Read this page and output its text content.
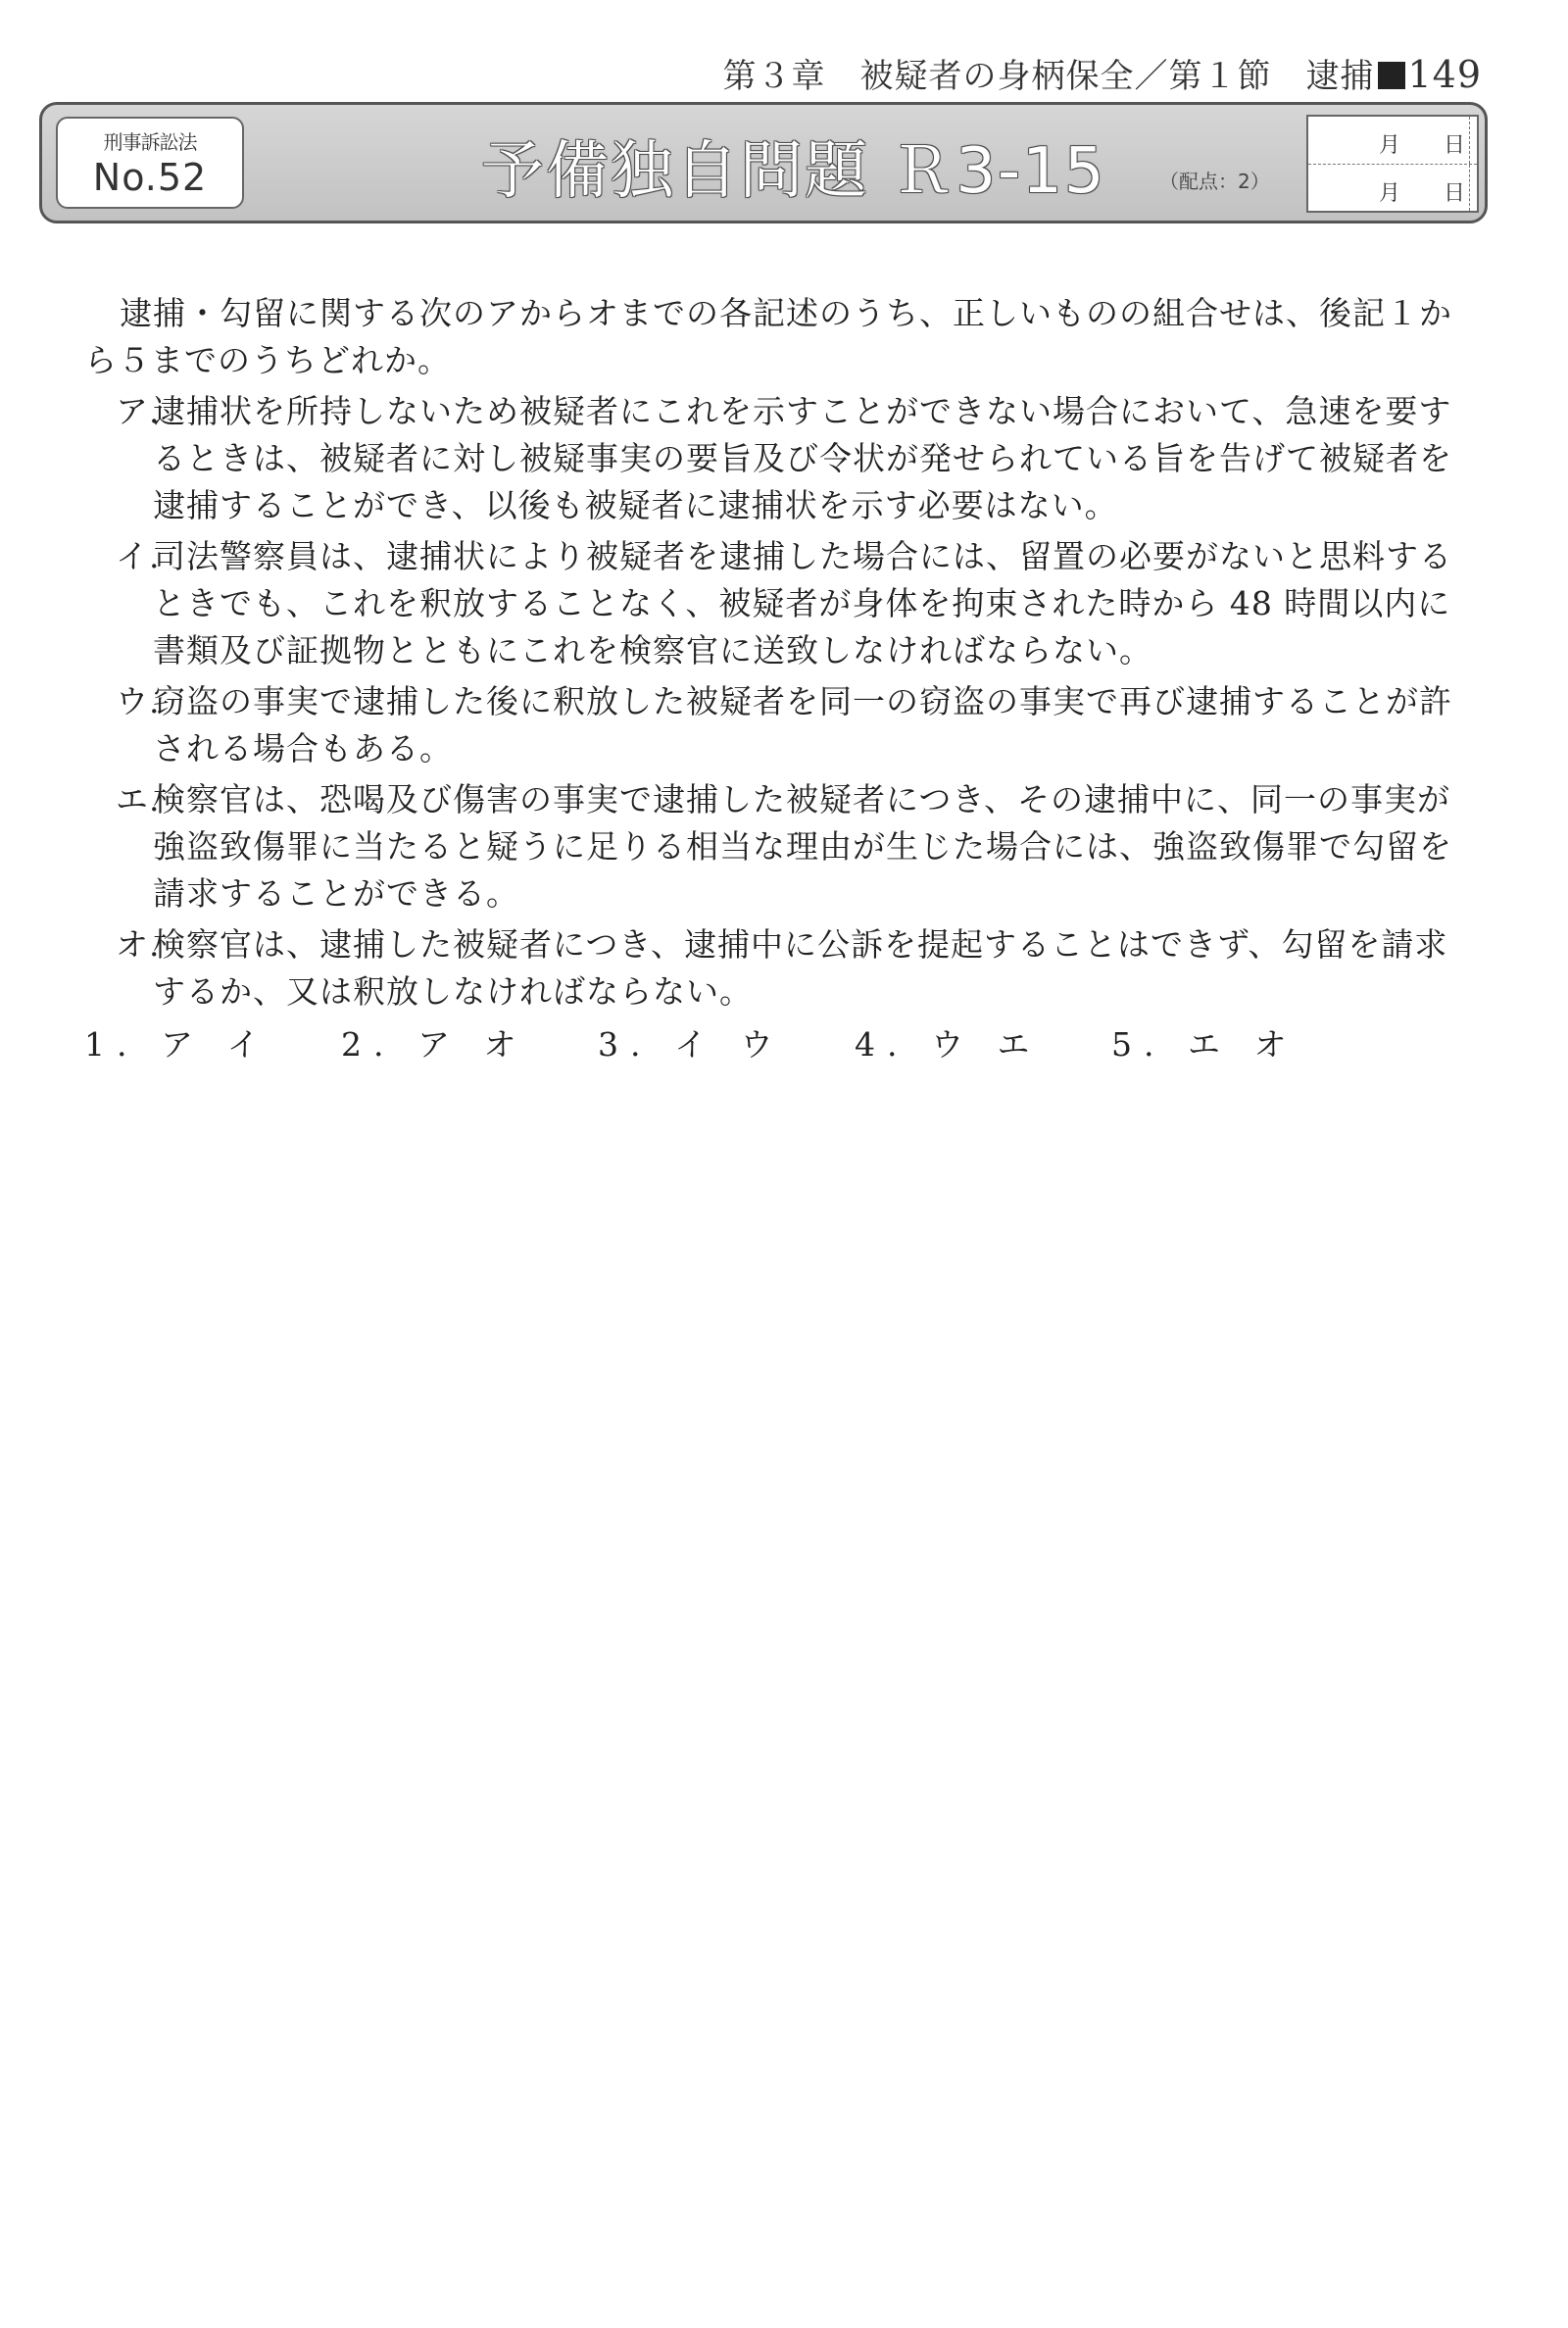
第３章　被疑者の身柄保全／第１節　逮捕 149
刑事訴訟法
No.52	予備独自問題 Ｒ3-15	（配点：2）
月 日
月 日

逮捕・勾留に関する次のアからオまでの各記述のうち、正しいものの組合せは、後記１から５までのうちどれか。

ア.
逮捕状を所持しないため被疑者にこれを示すことができない場合において、急速を要するときは、被疑者に対し被疑事実の要旨及び令状が発せられている旨を告げて被疑者を逮捕することができ、以後も被疑者に逮捕状を示す必要はない。
イ.
司法警察員は、逮捕状により被疑者を逮捕した場合には、留置の必要がないと思料するときでも、これを釈放することなく、被疑者が身体を拘束された時から 48 時間以内に書類及び証拠物とともにこれを検察官に送致しなければならない。
ウ.
窃盗の事実で逮捕した後に釈放した被疑者を同一の窃盗の事実で再び逮捕することが許される場合もある。
エ.
検察官は、恐喝及び傷害の事実で逮捕した被疑者につき、その逮捕中に、同一の事実が強盗致傷罪に当たると疑うに足りる相当な理由が生じた場合には、強盗致傷罪で勾留を請求することができる。
オ.
検察官は、逮捕した被疑者につき、逮捕中に公訴を提起することはできず、勾留を請求するか、又は釈放しなければならない。
1. ア イ	2. ア オ	3. イ ウ	4. ウ エ	5. エ オ
